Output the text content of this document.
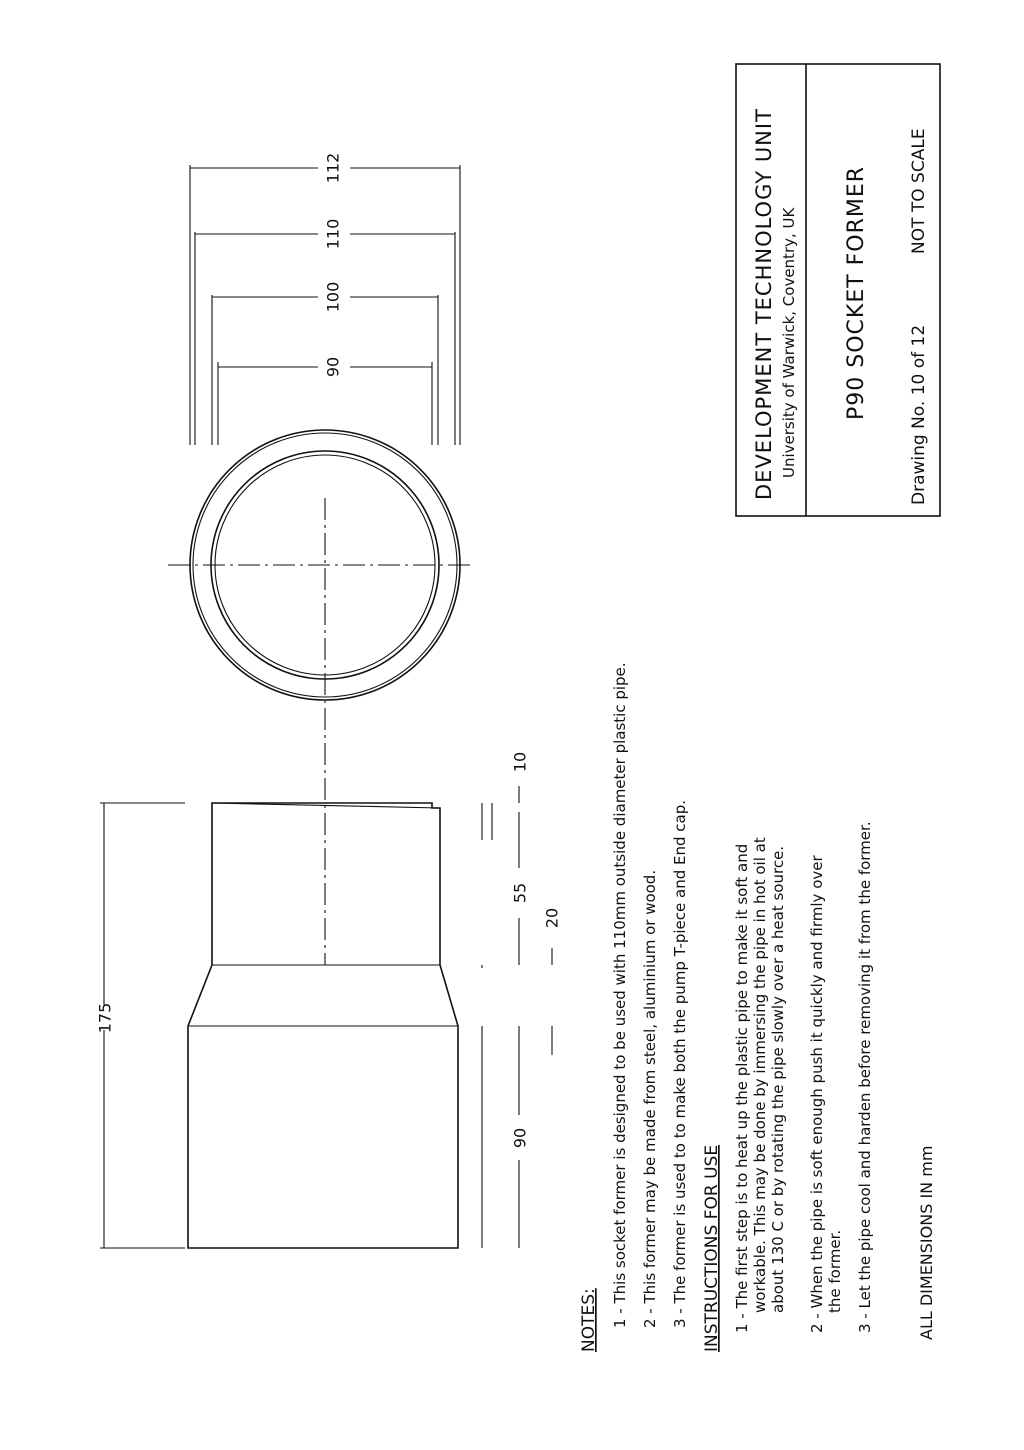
112
110
100
90
175
10
55
20
90
NOTES: 1 - This socket former is designed to be used with 110mm outside diameter plastic pipe. 2 - This former may be made from steel, aluminium or wood. 3 - The former is used to to make both the pump T-piece and End cap. INSTRUCTIONS FOR USE 1 - The first step is to heat up the plastic pipe to make it soft and workable. This may be done by immersing the pipe in hot oil at about 130 C or by rotating the pipe slowly over a heat source. 2 - When the pipe is soft enough push it quickly and firmly over the former. 3 - Let the pipe cool and harden before removing it from the former.	ALL DIMENSIONS IN mm
DEVELOPMENT TECHNOLOGY UNIT University of Warwick, Coventry, UK P90 SOCKET FORMER Drawing No. 10 of 12
NOT TO SCALE
